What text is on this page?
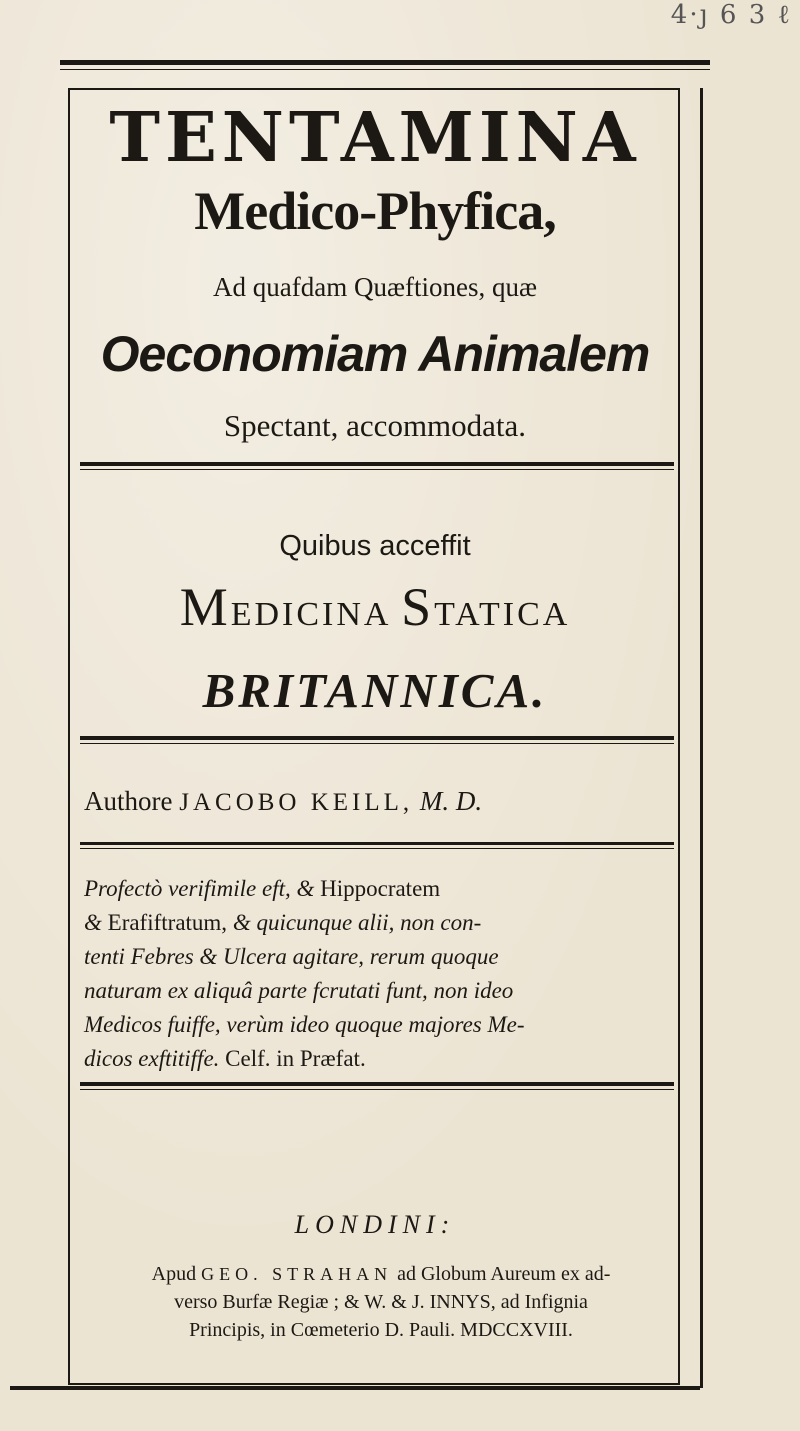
4·ȷ 6 3 ℓ
TENTAMINA
Medico-Phyfica,
Ad quafdam Quæftiones, quæ
Oeconomiam Animalem
Spectant, accommodata.
Quibus acceffit
MEDICINA STATICA
BRITANNICA.
Authore JACOBO KEILL, M. D.
Profectò verifimile eft, & Hippocratem
& Erafiftratum, & quicunque alii, non con-
tenti Febres & Ulcera agitare, rerum quoque
naturam ex aliquâ parte fcrutati funt, non ideo
Medicos fuiffe, verùm ideo quoque majores Me-
dicos exftitiffe. Celf. in Præfat.
LONDINI:
Apud GEO. STRAHAN ad Globum Aureum ex ad-
verso Burfæ Regiæ ; & W. & J. INNYS, ad Infignia
Principis, in Cœmeterio D. Pauli. MDCCXVIII.
